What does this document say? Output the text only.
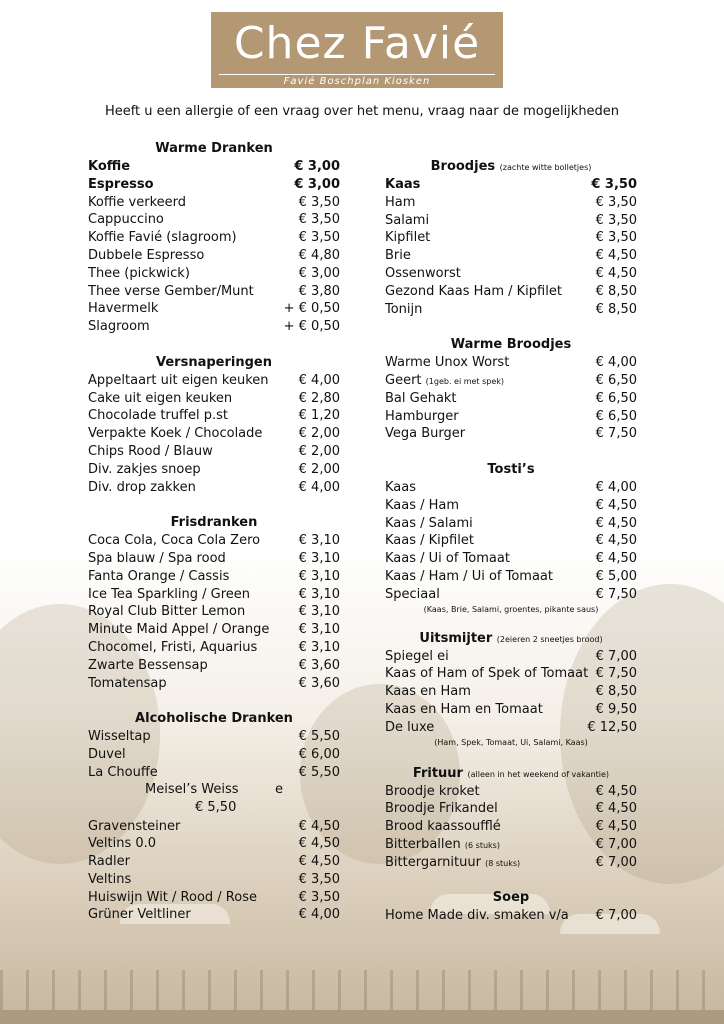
Chez Favié
Favié Boschplan Kiosken
Heeft u een allergie of een vraag over het menu, vraag naar de mogelijkheden
Warme Dranken
Koffie	€ 3,00
Espresso	€ 3,00
Koffie verkeerd	€ 3,50
Cappuccino	€ 3,50
Koffie Favié (slagroom)	€ 3,50
Dubbele Espresso	€ 4,80
Thee (pickwick)	€ 3,00
Thee verse Gember/Munt	€ 3,80
Havermelk	+ € 0,50
Slagroom	+ € 0,50
Versnaperingen
Appeltaart uit eigen keuken € 4,00
Cake uit eigen keuken	€ 2,80
Chocolade truffel p.st	€ 1,20
Verpakte Koek / Chocolade	€ 2,00
Chips Rood / Blauw	€ 2,00
Div. zakjes snoep	€ 2,00
Div. drop zakken	€ 4,00
Frisdranken
Coca Cola, Coca Cola Zero	€ 3,10
Spa blauw / Spa rood	€ 3,10
Fanta Orange / Cassis	€ 3,10
Ice Tea Sparkling / Green	€ 3,10
Royal Club Bitter Lemon	€ 3,10
Minute Maid Appel / Orange € 3,10
Chocomel, Fristi, Aquarius	€ 3,10
Zwarte Bessensap	€ 3,60
Tomatensap	€ 3,60
Alcoholische Dranken
Wisseltap	€ 5,50
Duvel	€ 6,00
La Chouffe	€ 5,50
Meisel’s Weiss	e
€ 5,50
Gravensteiner	€ 4,50
Veltins 0.0	€ 4,50
Radler	€ 4,50
Veltins	€ 3,50
Huiswijn Wit / Rood / Rose	€ 3,50
Grüner Veltliner	€ 4,00
Broodjes (zachte witte bolletjes)
Kaas	€ 3,50
Ham	€ 3,50
Salami	€ 3,50
Kipfilet	€ 3,50
Brie	€ 4,50
Ossenworst	€ 4,50
Gezond Kaas Ham / Kipfilet	€ 8,50
Tonijn	€ 8,50
Warme Broodjes
Warme Unox Worst	€ 4,00
Geert (1geb. ei met spek)	€ 6,50
Bal Gehakt	€ 6,50
Hamburger	€ 6,50
Vega Burger	€ 7,50
Tosti’s
Kaas	€ 4,00
Kaas / Ham	€ 4,50
Kaas / Salami	€ 4,50
Kaas / Kipfilet	€ 4,50
Kaas / Ui of Tomaat	€ 4,50
Kaas / Ham / Ui of Tomaat	€ 5,00
Speciaal	€ 7,50
(Kaas, Brie, Salami, groentes, pikante saus)
Uitsmijter (2eieren 2 sneetjes brood)
Spiegel ei	€ 7,00
Kaas of Ham of Spek of Tomaat € 7,50
Kaas en Ham	€ 8,50
Kaas en Ham en Tomaat	€ 9,50
De luxe	€ 12,50
(Ham, Spek, Tomaat, Ui, Salami, Kaas)
Frituur (alleen in het weekend of vakantie)
Broodje kroket	€ 4,50
Broodje Frikandel	€ 4,50
Brood kaassoufflé	€ 4,50
Bitterballen (6 stuks)	€ 7,00
Bittergarnituur (8 stuks)	€ 7,00
Soep
Home Made div. smaken v/a € 7,00
